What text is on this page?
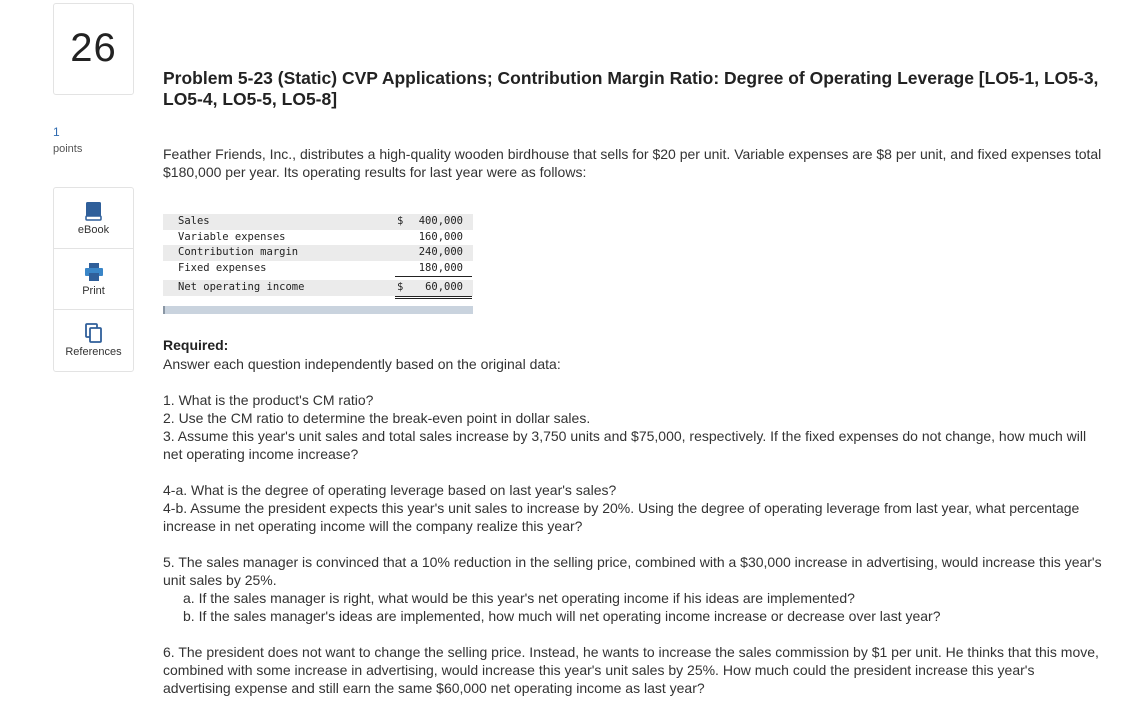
26
1
points
eBook
Print
References
Problem 5-23 (Static) CVP Applications; Contribution Margin Ratio: Degree of Operating Leverage [LO5-1, LO5-3, LO5-4, LO5-5, LO5-8]
Feather Friends, Inc., distributes a high-quality wooden birdhouse that sells for $20 per unit. Variable expenses are $8 per unit, and fixed expenses total $180,000 per year. Its operating results for last year were as follows:
Sales	$ 400,000
Variable expenses	160,000
Contribution margin	240,000
Fixed expenses	180,000
Net operating income	$ 60,000
Required:
Answer each question independently based on the original data:
1. What is the product's CM ratio?
2. Use the CM ratio to determine the break-even point in dollar sales.
3. Assume this year's unit sales and total sales increase by 3,750 units and $75,000, respectively. If the fixed expenses do not change, how much will net operating income increase?
4-a. What is the degree of operating leverage based on last year's sales?
4-b. Assume the president expects this year's unit sales to increase by 20%. Using the degree of operating leverage from last year, what percentage increase in net operating income will the company realize this year?
5. The sales manager is convinced that a 10% reduction in the selling price, combined with a $30,000 increase in advertising, would increase this year's unit sales by 25%.
a. If the sales manager is right, what would be this year's net operating income if his ideas are implemented?
b. If the sales manager's ideas are implemented, how much will net operating income increase or decrease over last year?
6. The president does not want to change the selling price. Instead, he wants to increase the sales commission by $1 per unit. He thinks that this move, combined with some increase in advertising, would increase this year's unit sales by 25%. How much could the president increase this year's advertising expense and still earn the same $60,000 net operating income as last year?
